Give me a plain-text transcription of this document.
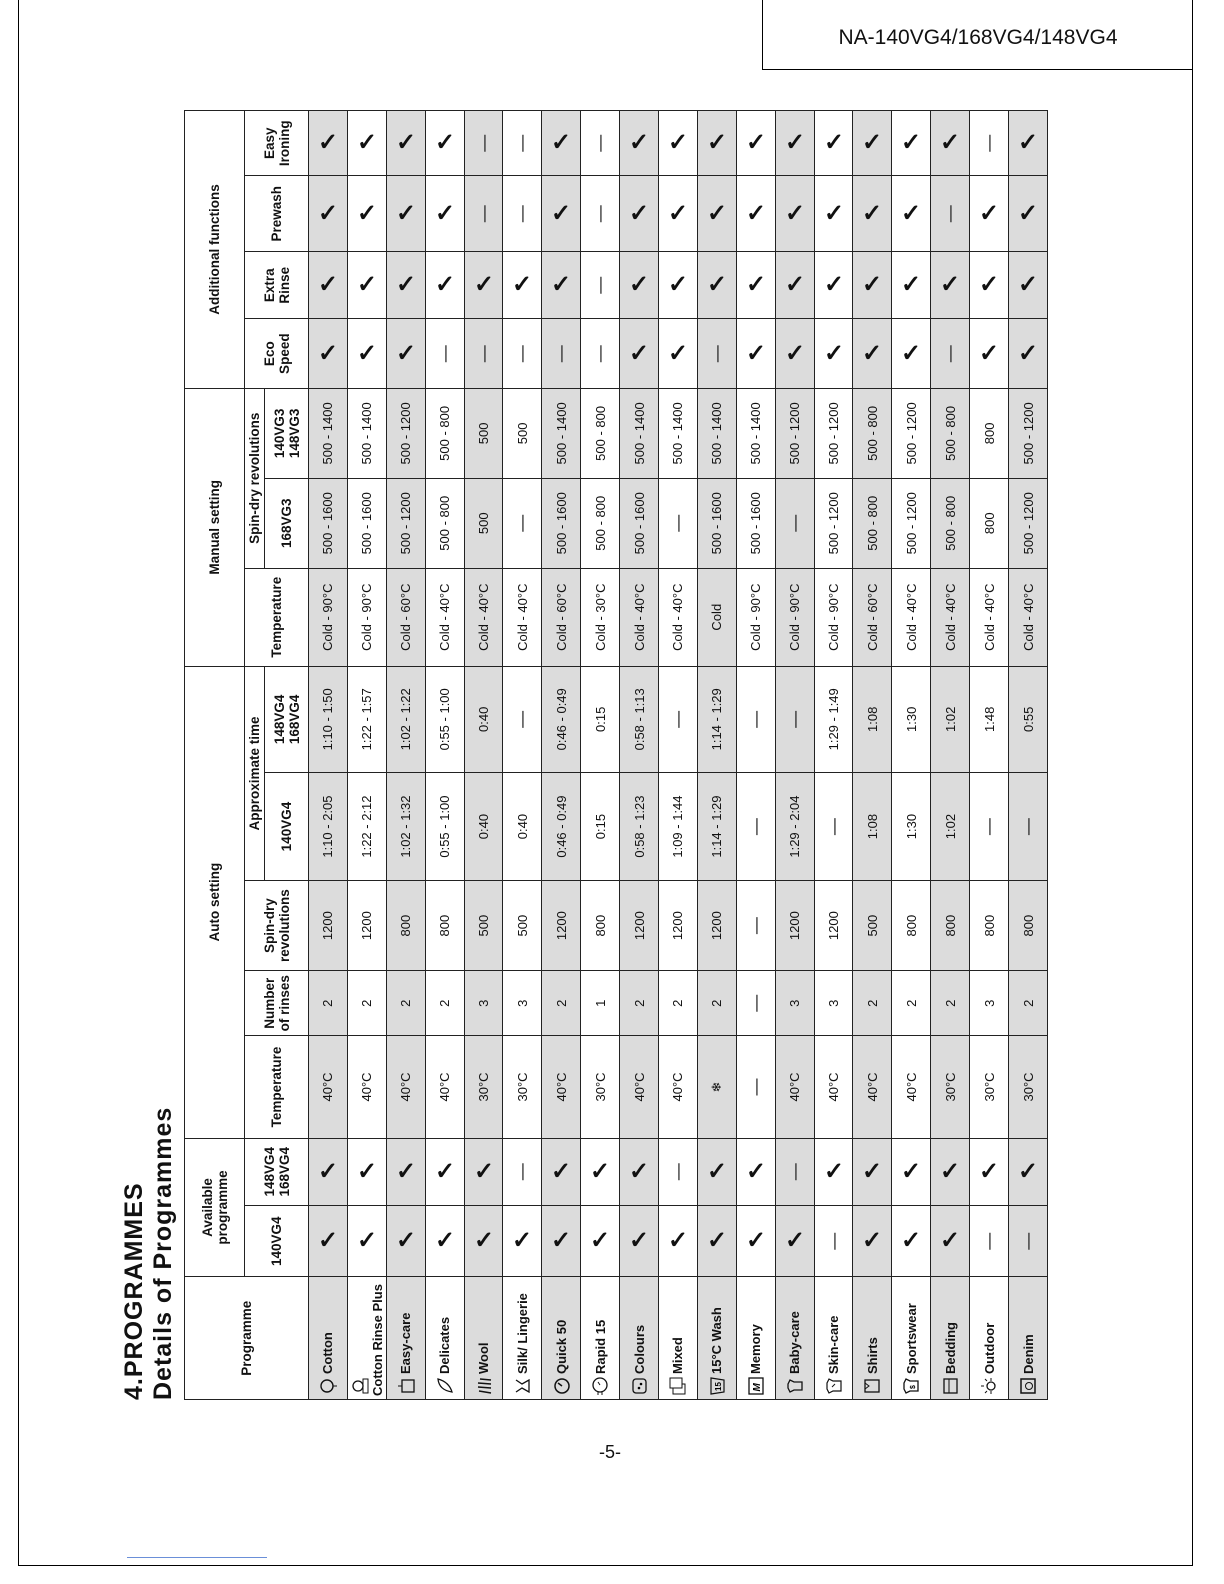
NA-140VG4/168VG4/148VG4
4.PROGRAMMES Details of Programmes	Programme	Available programme		Auto setting					Manual setting			Additional functions			
	140VG4	148VG4 168VG4	Temperature	Number of rinses	Spin-dry revolutions	Approximate time		Temperature	Spin-dry revolutions		Eco Speed	Extra Rinse	Prewash	Easy Ironing
						140VG4	148VG4 168VG4		168VG3	140VG3 148VG3				
Cotton	✓	✓	40°C	2	1200	1:10 - 2:05	1:10 - 1:50	Cold - 90°C	500 - 1600	500 - 1400	✓	✓	✓	✓
Cotton Rinse Plus	✓	✓	40°C	2	1200	1:22 - 2:12	1:22 - 1:57	Cold - 90°C	500 - 1600	500 - 1400	✓	✓	✓	✓
Easy-care	✓	✓	40°C	2	800	1:02 - 1:32	1:02 - 1:22	Cold - 60°C	500 - 1200	500 - 1200	✓	✓	✓	✓
Delicates	✓	✓	40°C	2	800	0:55 - 1:00	0:55 - 1:00	Cold - 40°C	500 - 800	500 - 800	—	✓	✓	✓
Wool	✓	✓	30°C	3	500	0:40	0:40	Cold - 40°C	500	500	—	✓	—	—
Silk/ Lingerie	✓	—	30°C	3	500	0:40	—	Cold - 40°C	—	500	—	✓	—	—
Quick 50	✓	✓	40°C	2	1200	0:46 - 0:49	0:46 - 0:49	Cold - 60°C	500 - 1600	500 - 1400	—	✓	✓	✓
Rapid 15	✓	✓	30°C	1	800	0:15	0:15	Cold - 30°C	500 - 800	500 - 800	—	—	—	—
Colours	✓	✓	40°C	2	1200	0:58 - 1:23	0:58 - 1:13	Cold - 40°C	500 - 1600	500 - 1400	✓	✓	✓	✓
Mixed	✓	—	40°C	2	1200	1:09 - 1:44	—	Cold - 40°C	—	500 - 1400	✓	✓	✓	✓

15
15°C Wash	✓	✓	❄	2	1200	1:14 - 1:29	1:14 - 1:29	Cold	500 - 1600	500 - 1400	—	✓	✓	✓

M
Memory	✓	✓	—	—	—	—	—	Cold - 90°C	500 - 1600	500 - 1400	✓	✓	✓	✓
Baby-care	✓	—	40°C	3	1200	1:29 - 2:04	—	Cold - 90°C	—	500 - 1200	✓	✓	✓	✓
Skin-care	—	✓	40°C	3	1200	—	1:29 - 1:49	Cold - 90°C	500 - 1200	500 - 1200	✓	✓	✓	✓
Shirts	✓	✓	40°C	2	500	1:08	1:08	Cold - 60°C	500 - 800	500 - 800	✓	✓	✓	✓

$
Sportswear	✓	✓	40°C	2	800	1:30	1:30	Cold - 40°C	500 - 1200	500 - 1200	✓	✓	✓	✓
Bedding	✓	✓	30°C	2	800	1:02	1:02	Cold - 40°C	500 - 800	500 - 800	—	✓	—	✓
Outdoor	—	✓	30°C	3	800	—	1:48	Cold - 40°C	800	800	✓	✓	✓	—
Denim	—	✓	30°C	2	800	—	0:55	Cold - 40°C	500 - 1200	500 - 1200	✓	✓	✓	✓
-5-
